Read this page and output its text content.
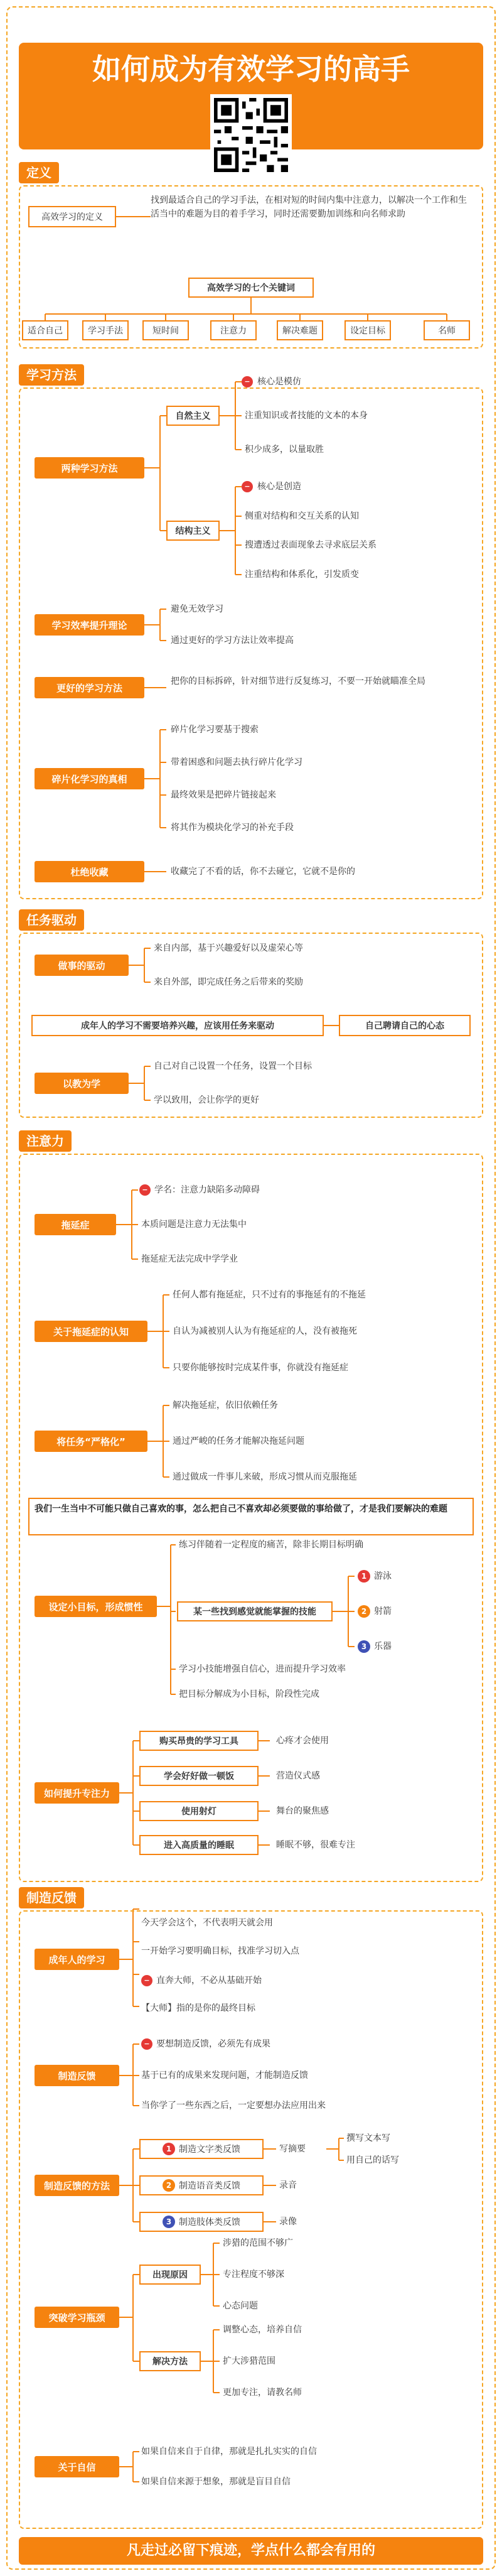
如何成为有效学习的高手
定义
高效学习的定义
找到最适合自己的学习手法，在相对短的时间内集中注意力，以解决一个工作和生活当中的难题为目的着手学习，同时还需要勤加训练和向名师求助
高效学习的七个关键词
适合自己	学习手法	短时间	注意力	解决难题	设定目标	名师
学习方法
两种学习方法
自然主义
− 核心是模仿
注重知识或者技能的文本的本身
积少成多，以量取胜
结构主义
− 核心是创造
侧重对结构和交互关系的认知
搜遭透过表面现象去寻求底层关系
注重结构和体系化，引发质变
学习效率提升理论
避免无效学习
通过更好的学习方法让效率提高
更好的学习方法
把你的目标拆碎，针对细节进行反复练习，不要一开始就瞄准全局
碎片化学习的真相
碎片化学习要基于搜索
带着困惑和问题去执行碎片化学习
最终效果是把碎片链接起来
将其作为模块化学习的补充手段
杜绝收藏	收藏完了不看的话，你不去碰它，它就不是你的
任务驱动
做事的驱动
来自内部，基于兴趣爱好以及虚荣心等
来自外部，即完成任务之后带来的奖励
成年人的学习不需要培养兴趣，应该用任务来驱动	自己聘请自己的心态
以教为学
自己对自己设置一个任务，设置一个目标
学以致用，会让你学的更好
注意力
拖延症
− 学名：注意力缺陷多动障碍
本质问题是注意力无法集中
拖延症无法完成中学学业
关于拖延症的认知
任何人都有拖延症，只不过有的事拖延有的不拖延
自认为减被别人认为有拖延症的人，没有被拖死
只要你能够按时完成某件事，你就没有拖延症
将任务“严格化”
解决拖延症，依旧依赖任务
通过严峻的任务才能解决拖延问题
通过做成一件事儿来破，形成习惯从而克服拖延
我们一生当中不可能只做自己喜欢的事，怎么把自己不喜欢却必须要做的事给做了，才是我们要解决的难题
设定小目标，形成惯性
练习伴随着一定程度的痛苦，除非长期目标明确
某一些找到感觉就能掌握的技能
1 游泳
2 射箭
3 乐器
学习小技能增强自信心，进而提升学习效率
把目标分解成为小目标，阶段性完成
如何提升专注力
购买昂贵的学习工具	心疼才会使用
学会好好做一顿饭	营造仪式感
使用射灯	舞台的聚焦感
进入高质量的睡眠	睡眠不够，很难专注
制造反馈
成年人的学习
今天学会这个，不代表明天就会用
一开始学习要明确目标，找准学习切入点
− 直奔大师，不必从基础开始
【大师】指的是你的最终目标
制造反馈
− 要想制造反馈，必须先有成果
基于已有的成果来发现问题，才能制造反馈
当你学了一些东西之后，一定要想办法应用出来
制造反馈的方法
1 制造文字类反馈	写摘要
撰写文本写
用自己的话写
2 制造语音类反馈	录音
3 制造肢体类反馈	录像
突破学习瓶颈
出现原因
涉猎的范围不够广
专注程度不够深
心态问题
解决方法
调整心态，培养自信
扩大涉猎范围
更加专注，请教名师
关于自信
如果自信来自于自律，那就是扎扎实实的自信
如果自信来源于想象，那就是盲目自信
凡走过必留下痕迹，学点什么都会有用的
